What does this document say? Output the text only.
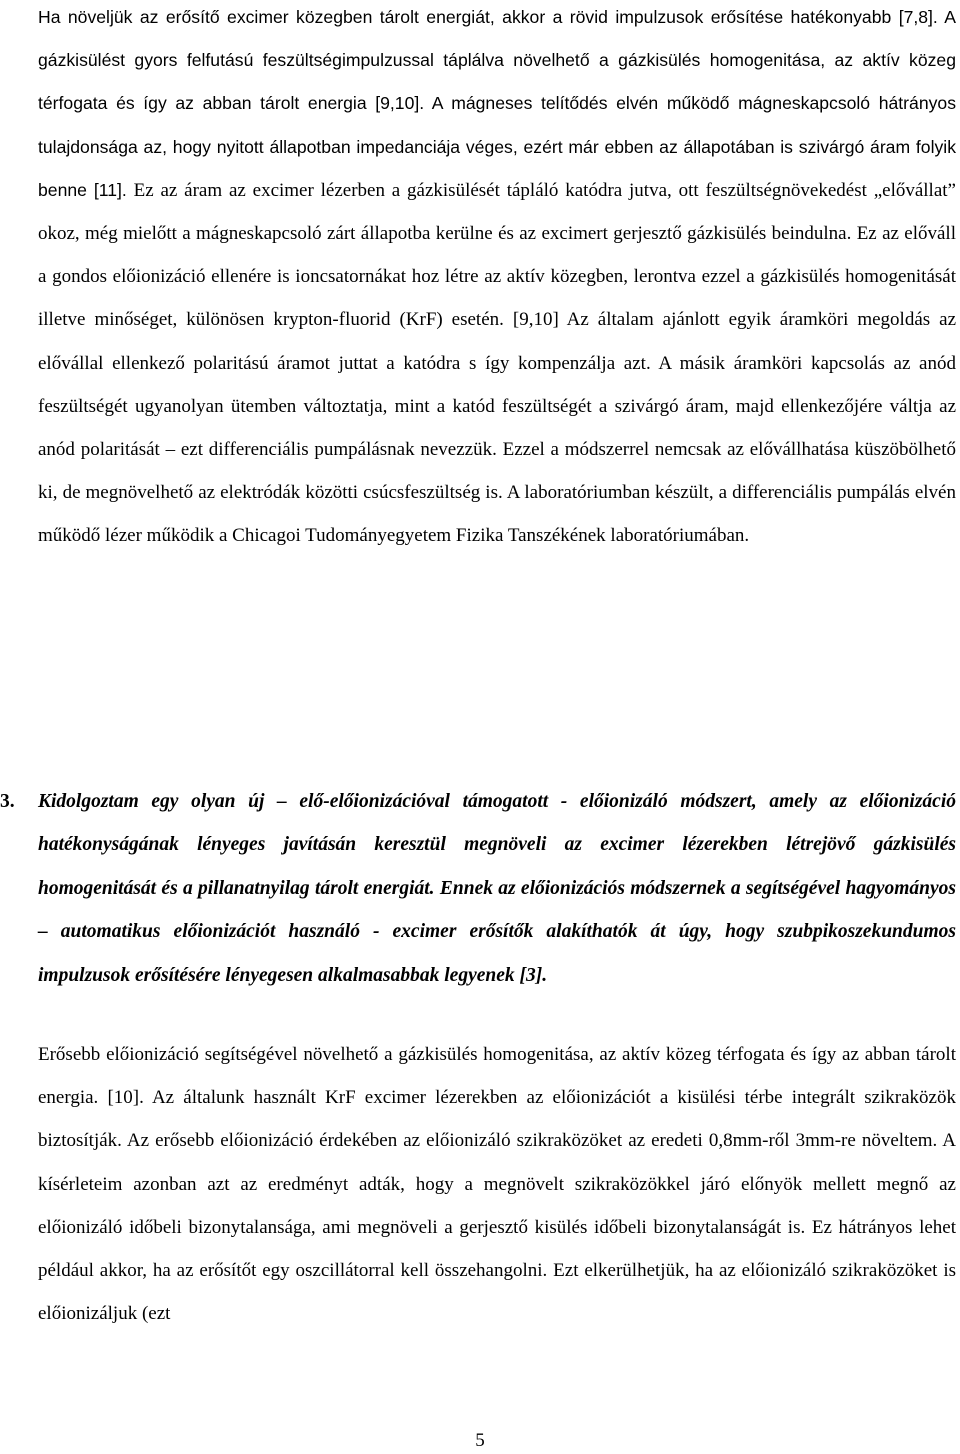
Ha növeljük az erősítő excimer közegben tárolt energiát, akkor a rövid impulzusok erősítése hatékonyabb [7,8]. A gázkisülést gyors felfutású feszültségimpulzussal táplálva növelhető a gázkisülés homogenitása, az aktív közeg térfogata és így az abban tárolt energia [9,10]. A mágneses telítődés elvén működő mágneskapcsoló hátrányos tulajdonsága az, hogy nyitott állapotban impedanciája véges, ezért már ebben az állapotában is szivárgó áram folyik benne [11]. Ez az áram az excimer lézerben a gázkisülését tápláló katódra jutva, ott feszültségnövekedést „elővállat” okoz, még mielőtt a mágneskapcsoló zárt állapotba kerülne és az excimert gerjesztő gázkisülés beindulna. Ez az előváll a gondos előionizáció ellenére is ioncsatornákat hoz létre az aktív közegben, lerontva ezzel a gázkisülés homogenitását illetve minőséget, különösen krypton-fluorid (KrF) esetén. [9,10] Az általam ajánlott egyik áramköri megoldás az elővállal ellenkező polaritású áramot juttat a katódra s így kompenzálja azt. A másik áramköri kapcsolás az anód feszültségét ugyanolyan ütemben változtatja, mint a katód feszültségét a szivárgó áram, majd ellenkezőjére váltja az anód polaritását – ezt differenciális pumpálásnak nevezzük. Ezzel a módszerrel nemcsak az elővállhatása küszöbölhető ki, de megnövelhető az elektródák közötti csúcsfeszültség is. A laboratóriumban készült, a differenciális pumpálás elvén működő lézer működik a Chicagoi Tudományegyetem Fizika Tanszékének laboratóriumában.

3. Kidolgoztam egy olyan új – elő-előionizációval támogatott - előionizáló módszert, amely az előionizáció hatékonyságának lényeges javításán keresztül megnöveli az excimer lézerekben létrejövő gázkisülés homogenitását és a pillanatnyilag tárolt energiát. Ennek az előionizációs módszernek a segítségével hagyományos – automatikus előionizációt használó - excimer erősítők alakíthatók át úgy, hogy szubpikoszekundumos impulzusok erősítésére lényegesen alkalmasabbak legyenek [3].

Erősebb előionizáció segítségével növelhető a gázkisülés homogenitása, az aktív közeg térfogata és így az abban tárolt energia. [10]. Az általunk használt KrF excimer lézerekben az előionizációt a kisülési térbe integrált szikraközök biztosítják. Az erősebb előionizáció érdekében az előionizáló szikraközöket az eredeti 0,8mm-ről 3mm-re növeltem. A kísérleteim azonban azt az eredményt adták, hogy a megnövelt szikraközökkel járó előnyök mellett megnő az előionizáló időbeli bizonytalansága, ami megnöveli a gerjesztő kisülés időbeli bizonytalanságát is. Ez hátrányos lehet például akkor, ha az erősítőt egy oszcillátorral kell összehangolni. Ezt elkerülhetjük, ha az előionizáló szikraközöket is előionizáljuk (ezt

5
